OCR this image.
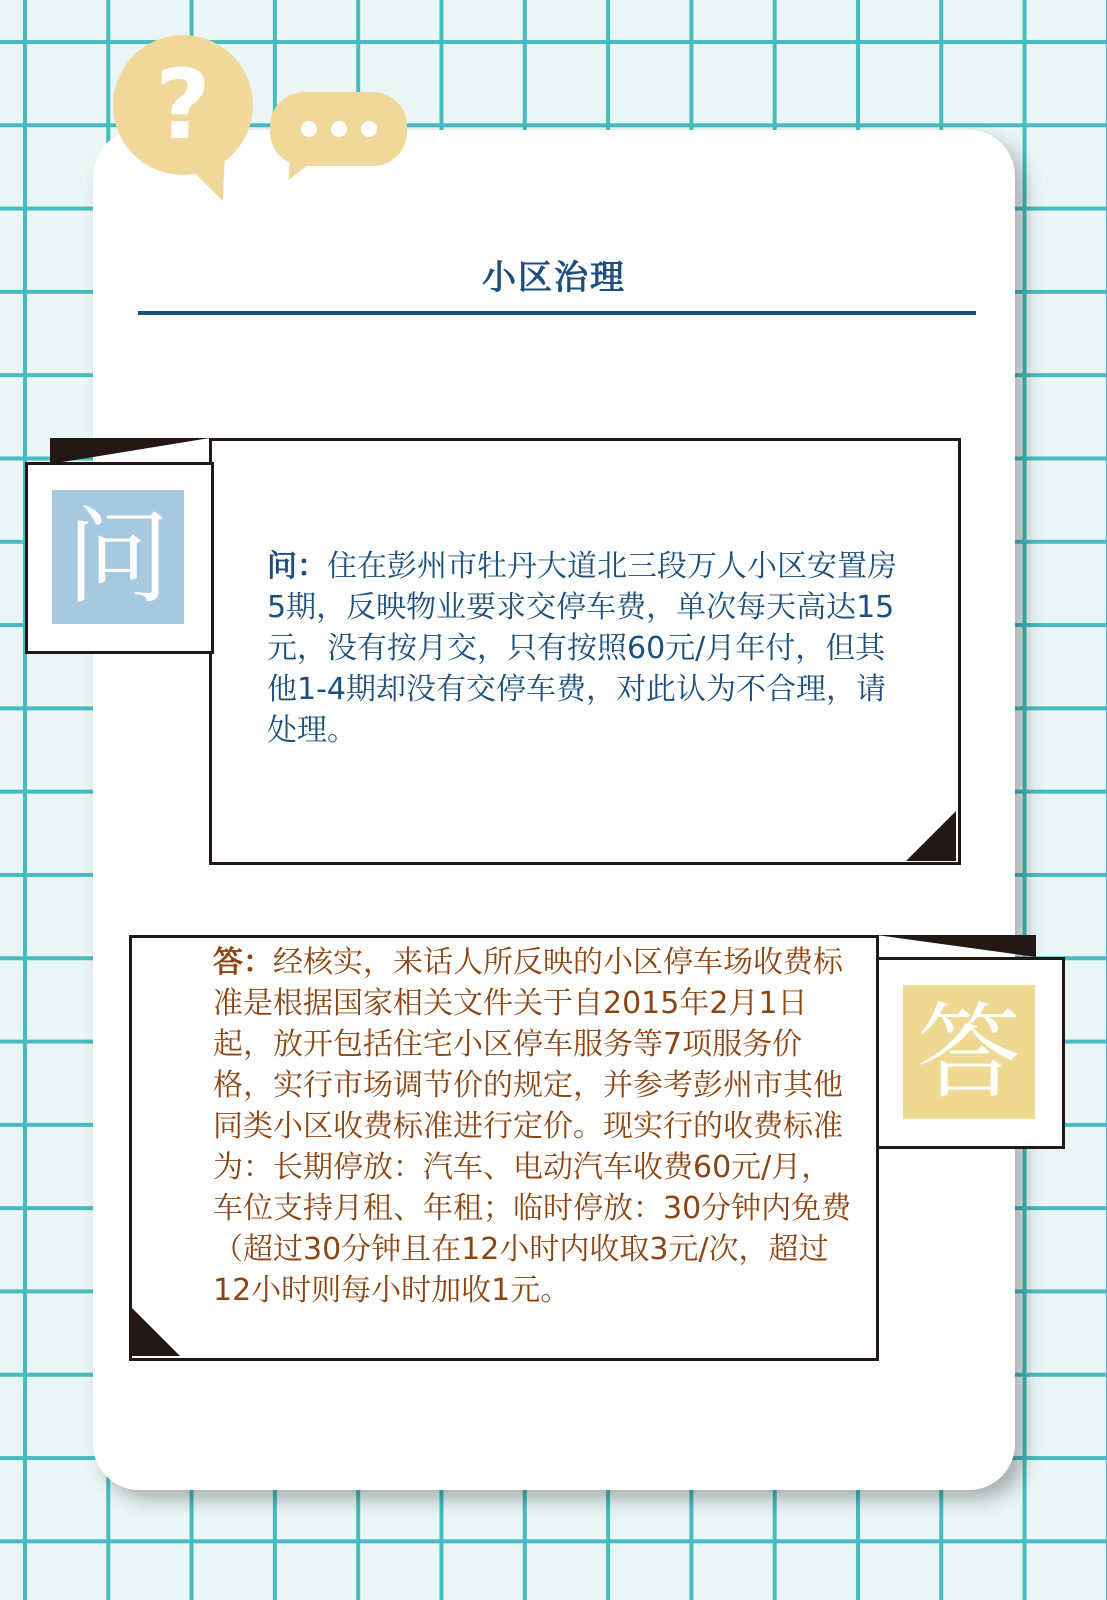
?
小区治理
问	问：住在彭州市牡丹大道北三段万人小区安置房5期，反映物业要求交停车费，单次每天高达15元，没有按月交，只有按照60元/月年付，但其他1-4期却没有交停车费，对此认为不合理，请处理。
答
答：经核实，来话人所反映的小区停车场收费标准是根据国家相关文件关于自2015年2月1日起，放开包括住宅小区停车服务等7项服务价格，实行市场调节价的规定，并参考彭州市其他同类小区收费标准进行定价。现实行的收费标准为：长期停放：汽车、电动汽车收费60元/月，车位支持月租、年租；临时停放：30分钟内免费（超过30分钟且在12小时内收取3元/次，超过12小时则每小时加收1元。
